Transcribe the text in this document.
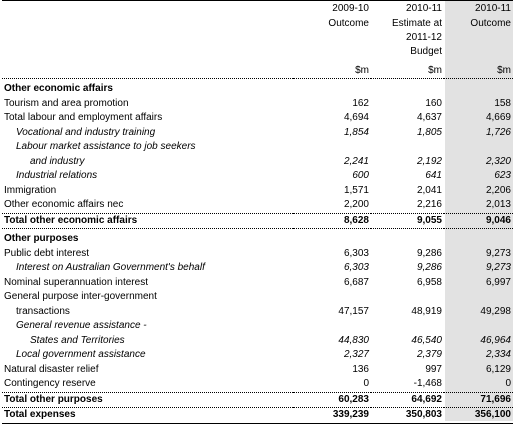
	2009-10	2010-11	2010-11
	Outcome	Estimate at	Outcome
		2011-12	
		Budget	
	$m	$m	$m
Other economic affairs			
Tourism and area promotion	162	160	158
Total labour and employment affairs	4,694	4,637	4,669
Vocational and industry training	1,854	1,805	1,726
Labour market assistance to job seekers			
and industry	2,241	2,192	2,320
Industrial relations	600	641	623
Immigration	1,571	2,041	2,206
Other economic affairs nec	2,200	2,216	2,013
Total other economic affairs	8,628	9,055	9,046
Other purposes			
Public debt interest	6,303	9,286	9,273
Interest on Australian Government's behalf	6,303	9,286	9,273
Nominal superannuation interest	6,687	6,958	6,997
General purpose inter-government			
transactions	47,157	48,919	49,298
General revenue assistance -			
States and Territories	44,830	46,540	46,964
Local government assistance	2,327	2,379	2,334
Natural disaster relief	136	997	6,129
Contingency reserve	0	-1,468	0
Total other purposes	60,283	64,692	71,696
Total expenses	339,239	350,803	356,100
